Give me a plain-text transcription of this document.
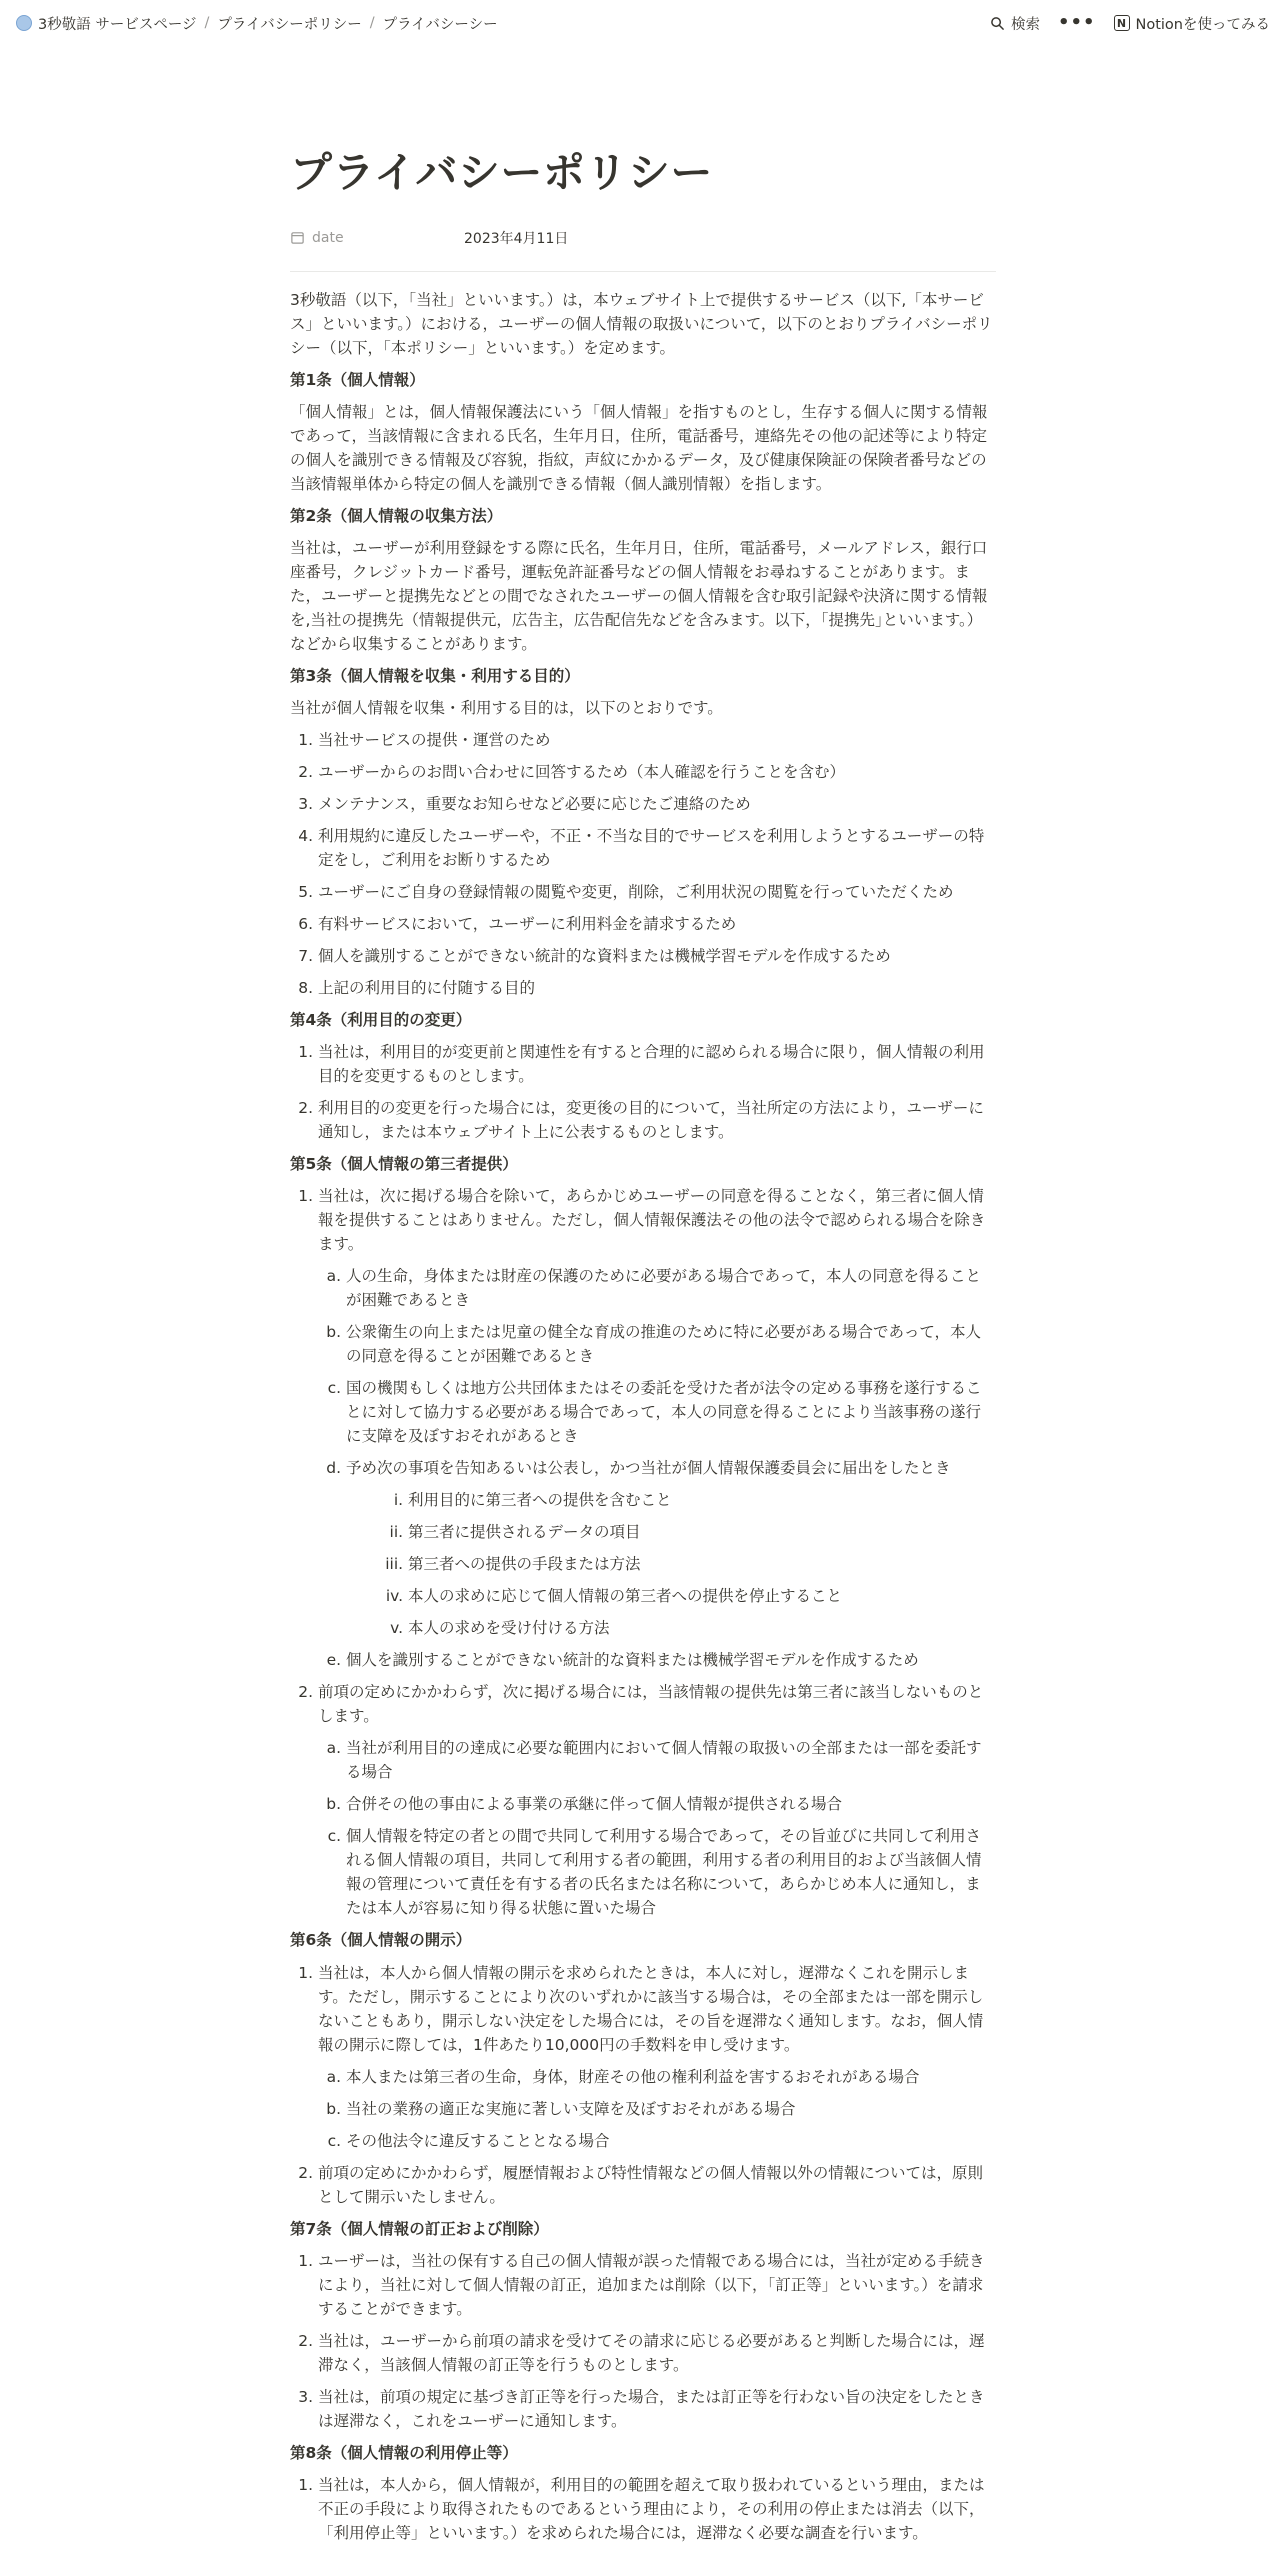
3秒敬語 サービスページ / プライバシーポリシー / プライバシーシー	検索 •••	N Notionを使ってみる
プライバシーポリシー
date	2023年4月11日

3秒敬語（以下，「当社」といいます。）は，本ウェブサイト上で提供するサービス（以下,「本サービス」といいます。）における，ユーザーの個人情報の取扱いについて，以下のとおりプライバシーポリシー（以下，「本ポリシー」といいます。）を定めます。

第1条（個人情報）

「個人情報」とは，個人情報保護法にいう「個人情報」を指すものとし，生存する個人に関する情報であって，当該情報に含まれる氏名，生年月日，住所，電話番号，連絡先その他の記述等により特定の個人を識別できる情報及び容貌，指紋，声紋にかかるデータ，及び健康保険証の保険者番号などの当該情報単体から特定の個人を識別できる情報（個人識別情報）を指します。

第2条（個人情報の収集方法）

当社は，ユーザーが利用登録をする際に氏名，生年月日，住所，電話番号，メールアドレス，銀行口座番号，クレジットカード番号，運転免許証番号などの個人情報をお尋ねすることがあります。また，ユーザーと提携先などとの間でなされたユーザーの個人情報を含む取引記録や決済に関する情報を,当社の提携先（情報提供元，広告主，広告配信先などを含みます。以下，｢提携先｣といいます。）などから収集することがあります。

第3条（個人情報を収集・利用する目的）

当社が個人情報を収集・利用する目的は，以下のとおりです。

1. 当社サービスの提供・運営のため
2. ユーザーからのお問い合わせに回答するため（本人確認を行うことを含む）
3. メンテナンス，重要なお知らせなど必要に応じたご連絡のため
4. 利用規約に違反したユーザーや，不正・不当な目的でサービスを利用しようとするユーザーの特定をし，ご利用をお断りするため
5. ユーザーにご自身の登録情報の閲覧や変更，削除，ご利用状況の閲覧を行っていただくため
6. 有料サービスにおいて，ユーザーに利用料金を請求するため
7. 個人を識別することができない統計的な資料または機械学習モデルを作成するため
8. 上記の利用目的に付随する目的
第4条（利用目的の変更）
1. 当社は，利用目的が変更前と関連性を有すると合理的に認められる場合に限り，個人情報の利用目的を変更するものとします。
2. 利用目的の変更を行った場合には，変更後の目的について，当社所定の方法により，ユーザーに通知し，または本ウェブサイト上に公表するものとします。
第5条（個人情報の第三者提供）
1. 当社は，次に掲げる場合を除いて，あらかじめユーザーの同意を得ることなく，第三者に個人情報を提供することはありません。ただし，個人情報保護法その他の法令で認められる場合を除きます。
a. 人の生命，身体または財産の保護のために必要がある場合であって，本人の同意を得ることが困難であるとき
b. 公衆衛生の向上または児童の健全な育成の推進のために特に必要がある場合であって，本人の同意を得ることが困難であるとき
c. 国の機関もしくは地方公共団体またはその委託を受けた者が法令の定める事務を遂行することに対して協力する必要がある場合であって，本人の同意を得ることにより当該事務の遂行に支障を及ぼすおそれがあるとき
d. 予め次の事項を告知あるいは公表し，かつ当社が個人情報保護委員会に届出をしたとき
i. 利用目的に第三者への提供を含むこと
ii. 第三者に提供されるデータの項目
iii. 第三者への提供の手段または方法
iv. 本人の求めに応じて個人情報の第三者への提供を停止すること
v. 本人の求めを受け付ける方法
e. 個人を識別することができない統計的な資料または機械学習モデルを作成するため
2. 前項の定めにかかわらず，次に掲げる場合には，当該情報の提供先は第三者に該当しないものとします。
a. 当社が利用目的の達成に必要な範囲内において個人情報の取扱いの全部または一部を委託する場合
b. 合併その他の事由による事業の承継に伴って個人情報が提供される場合
c. 個人情報を特定の者との間で共同して利用する場合であって，その旨並びに共同して利用される個人情報の項目，共同して利用する者の範囲，利用する者の利用目的および当該個人情報の管理について責任を有する者の氏名または名称について，あらかじめ本人に通知し，または本人が容易に知り得る状態に置いた場合
第6条（個人情報の開示）
1. 当社は，本人から個人情報の開示を求められたときは，本人に対し，遅滞なくこれを開示します。ただし，開示することにより次のいずれかに該当する場合は，その全部または一部を開示しないこともあり，開示しない決定をした場合には，その旨を遅滞なく通知します。なお，個人情報の開示に際しては，1件あたり10,000円の手数料を申し受けます。
a. 本人または第三者の生命，身体，財産その他の権利利益を害するおそれがある場合
b. 当社の業務の適正な実施に著しい支障を及ぼすおそれがある場合
c. その他法令に違反することとなる場合
2. 前項の定めにかかわらず，履歴情報および特性情報などの個人情報以外の情報については，原則として開示いたしません。
第7条（個人情報の訂正および削除）
1. ユーザーは，当社の保有する自己の個人情報が誤った情報である場合には，当社が定める手続きにより，当社に対して個人情報の訂正，追加または削除（以下，「訂正等」といいます。）を請求することができます。
2. 当社は，ユーザーから前項の請求を受けてその請求に応じる必要があると判断した場合には，遅滞なく，当該個人情報の訂正等を行うものとします。
3. 当社は，前項の規定に基づき訂正等を行った場合，または訂正等を行わない旨の決定をしたときは遅滞なく，これをユーザーに通知します。
第8条（個人情報の利用停止等）
1. 当社は，本人から，個人情報が，利用目的の範囲を超えて取り扱われているという理由，または不正の手段により取得されたものであるという理由により，その利用の停止または消去（以下，「利用停止等」といいます。）を求められた場合には，遅滞なく必要な調査を行います。
